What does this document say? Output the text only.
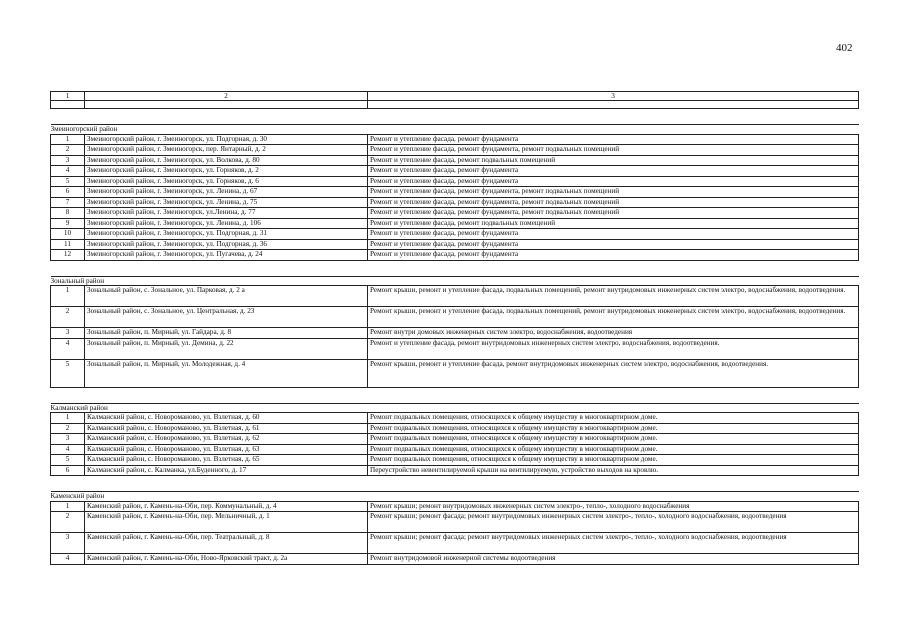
402
1	2	3

Змеиногорский район		
1	Змеиногорский район, г. Змеиногорск, ул. Подгорная, д. 30	Ремонт и утепление фасада, ремонт фундамента
2	Змеиногорский район, г. Змеиногорск, пер. Янтарный, д. 2	Ремонт и утепление фасада, ремонт фундамента, ремонт подвальных помещений
3	Змеиногорский район, г. Змеиногорск, ул. Волкова, д. 80	Ремонт и утепление фасада, ремонт подвальных помещений
4	Змеиногорский район, г. Змеиногорск, ул. Горняков, д. 2	Ремонт и утепление фасада, ремонт фундамента
5	Змеиногорский район, г. Змеиногорск, ул. Горняков, д. 6	Ремонт и утепление фасада, ремонт фундамента
6	Змеиногорский район, г. Змеиногорск, ул. Ленина, д. 67	Ремонт и утепление фасада, ремонт фундамента, ремонт подвальных помещений
7	Змеиногорский район, г. Змеиногорск, ул. Ленина, д. 75	Ремонт и утепление фасада, ремонт фундамента, ремонт подвальных помещений
8	Змеиногорский район, г. Змеиногорск, ул.Ленина, д. 77	Ремонт и утепление фасада, ремонт фундамента, ремонт подвальных помещений
9	Змеиногорский район, г. Змеиногорск, ул. Ленина, д. 106	Ремонт и утепление фасада, ремонт подвальных помещений
10	Змеиногорский район, г. Змеиногорск, ул. Подгорная, д. 31	Ремонт и утепление фасада, ремонт фундамента
11	Змеиногорский район, г. Змеиногорск, ул. Подгорная, д. 36	Ремонт и утепление фасада, ремонт фундамента
12	Змеиногорский район, г. Змеиногорск, ул. Пугачева, д. 24	Ремонт и утепление фасада, ремонт фундамента

Зональный район		
1	Зональный район, с. Зональное, ул. Парковая, д. 2 а	Ремонт крыши, ремонт и утепление фасада, подвальных помещений, ремонт внутридомовых инженерных систем электро, водоснабжения, водоотведения.
2	Зональный район, с. Зональное, ул. Центральная, д. 23	Ремонт крыши, ремонт и утепление фасада, подвальных помещений, ремонт внутридомовых инженерных систем электро, водоснабжения, водоотведения.
3	Зональный район, п. Мирный, ул. Гайдара, д. 8	Ремонт внутри домовых инженерных систем электро, водоснабжения, водоотведения
4	Зональный район, п. Мирный, ул. Демина, д. 22	Ремонт и утепление фасада, ремонт внутридомовых инженерных систем электро, водоснабжения, водоотведения.
5	Зональный район, п. Мирный, ул. Молодежная, д. 4	Ремонт крыши, ремонт и утепление фасада, ремонт внутридомовых инженерных систем электро, водоснабжения, водоотведения.

Калманский район		
1	Калманский район, с. Новороманово, ул. Взлетная, д. 60	Ремонт подвальных помещения, относящихся к общему имуществу в многоквартирном доме.
2	Калманский район, с. Новороманово, ул. Взлетная, д. 61	Ремонт подвальных помещения, относящихся к общему имуществу в многоквартирном доме.
3	Калманский район, с. Новороманово, ул. Взлетная, д. 62	Ремонт подвальных помещения, относящихся к общему имуществу в многоквартирном доме.
4	Калманский район, с. Новороманово, ул. Взлетная, д. 63	Ремонт подвальных помещения, относящихся к общему имуществу в многоквартирном доме.
5	Калманский район, с. Новороманово, ул. Взлетная, д. 65	Ремонт подвальных помещения, относящихся к общему имуществу в многоквартирном доме.
6	Калманский район, с. Калманка, ул.Буденного, д. 17	Переустройство невентилируемой крыши на вентилируемую, устройство выходов на кровлю.

Каменский район		
1	Каменский район, г. Камень-на-Оби, пер. Коммунальный, д. 4	Ремонт крыши; ремонт внутридомовых инженерных систем электро-, тепло-, холодного водоснабжения
2	Каменский район, г. Камень-на-Оби, пер. Мельничный, д. 1	Ремонт крыши; ремонт фасада; ремонт внутридомовых инженерных систем электро-, тепло-, холодного водоснабжения, водоотведения
3	Каменский район, г. Камень-на-Оби, пер. Театральный, д. 8	Ремонт крыши; ремонт фасада; ремонт внутридомовых инженерных систем электро-, тепло-, холодного водоснабжения, водоотведения
4	Каменский район, г. Камень-на-Оби, Ново-Ярковский тракт, д. 2а	Ремонт внутридомовой инженерной системы водоотведения
